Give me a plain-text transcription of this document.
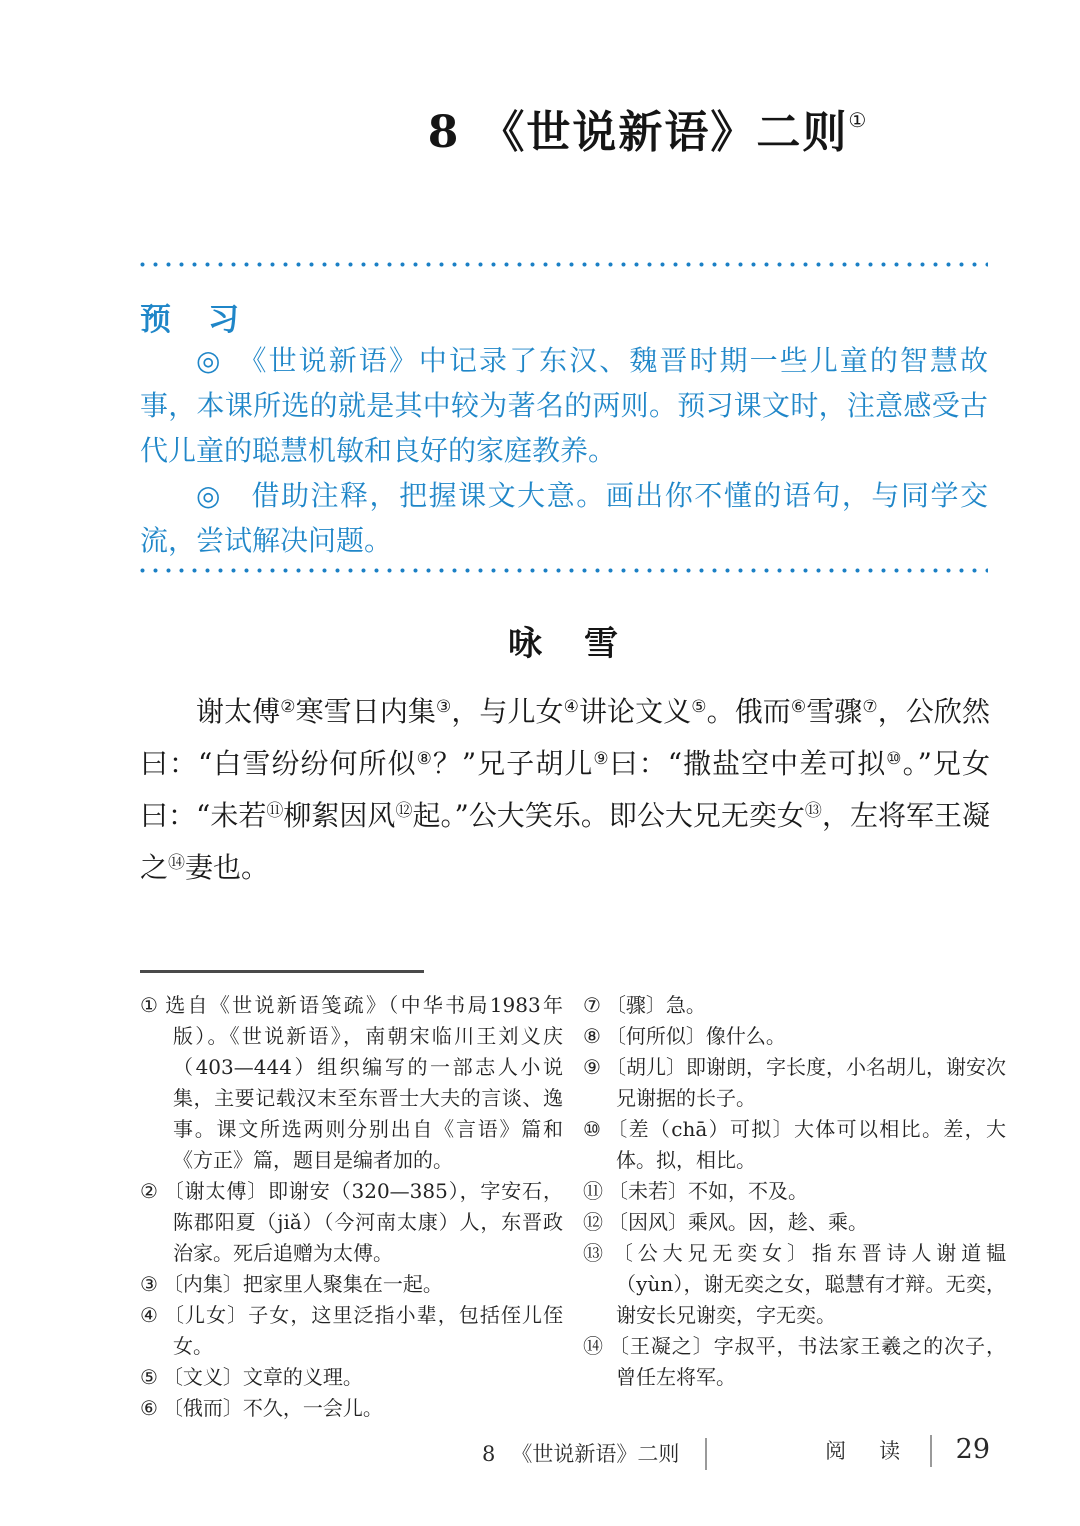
8 《世说新语》二则①
预　习

◎　《世说新语》中记录了东汉、魏晋时期一些儿童的智慧故事，本课所选的就是其中较为著名的两则。预习课文时，注意感受古代儿童的聪慧机敏和良好的家庭教养。

◎　借助注释，把握课文大意。画出你不懂的语句，与同学交流，尝试解决问题。

咏　雪
谢太傅②寒雪日内集③，与儿女④讲论文义⑤。俄而⑥雪骤⑦，公欣然曰：“白雪纷纷何所似⑧？”兄子胡儿⑨曰：“撒盐空中差可拟⑩。”兄女曰：“未若⑪柳絮因风⑫起。”公大笑乐。即公大兄无奕女⑬，左将军王凝之⑭妻也。

① 选自《世说新语笺疏》（中华书局1983年版）。《世说新语》，南朝宋临川王刘义庆（403—444）组织编写的一部志人小说集，主要记载汉末至东晋士大夫的言谈、逸事。课文所选两则分别出自《言语》篇和《方正》篇，题目是编者加的。

② 〔谢太傅〕即谢安（320—385），字安石，陈郡阳夏（jiǎ）（今河南太康）人，东晋政治家。死后追赠为太傅。

③ 〔内集〕把家里人聚集在一起。

④ 〔儿女〕子女，这里泛指小辈，包括侄儿侄女。

⑤ 〔文义〕文章的义理。

⑥ 〔俄而〕不久，一会儿。

⑦ 〔骤〕急。

⑧ 〔何所似〕像什么。

⑨ 〔胡儿〕即谢朗，字长度，小名胡儿，谢安次兄谢据的长子。

⑩ 〔差（chā）可拟〕大体可以相比。差，大体。拟，相比。

⑪ 〔未若〕不如，不及。

⑫ 〔因风〕乘风。因，趁、乘。

⑬ 〔公大兄无奕女〕指东晋诗人谢道韫（yùn），谢无奕之女，聪慧有才辩。无奕，谢安长兄谢奕，字无奕。

⑭ 〔王凝之〕字叔平，书法家王羲之的次子，曾任左将军。

8 《世说新语》二则	阅　读 29
